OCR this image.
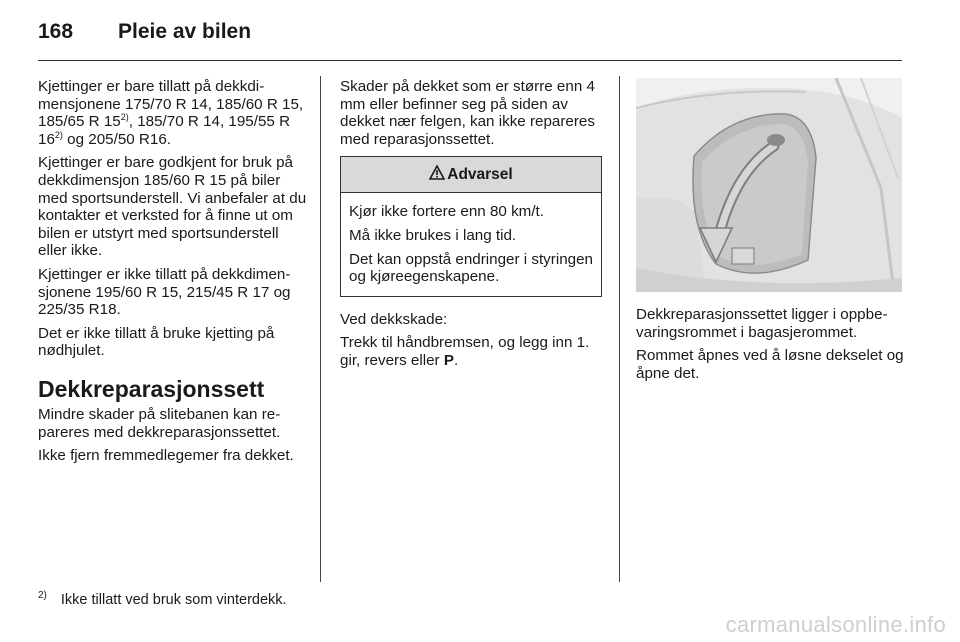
168 Pleie av bilen

Kjettinger er bare tillatt på dekkdimensjonene 175/70 R 14, 185/60 R 15, 185/65 R 15$^{2)}$, 185/70 R 14, 195/55 R 16$^{2)}$ og 205/50 R16.

Kjettinger er bare godkjent for bruk på dekkdimensjon 185/60 R 15 på biler med sportsunderstell. Vi anbefaler at du kontakter et verksted for å finne ut om bilen er utstyrt med sportsunderstell eller ikke.

Kjettinger er ikke tillatt på dekkdimensjonene 195/60 R 15, 215/45 R 17 og 225/35 R18.

Det er ikke tillatt å bruke kjetting på nødhjulet.

Dekkreparasjonssett

Mindre skader på slitebanen kan repareres med dekkreparasjonssettet.

Ikke fjern fremmedlegemer fra dekket.

Skader på dekket som er større enn 4 mm eller befinner seg på siden av dekket nær felgen, kan ikke repareres med reparasjonssettet.

Advarsel

Kjør ikke fortere enn 80 km/t.

Må ikke brukes i lang tid.

Det kan oppstå endringer i styringen og kjøreegenskapene.

Ved dekkskade:

Trekk til håndbremsen, og legg inn 1. gir, revers eller P.

Dekkreparasjonssettet ligger i oppbevaringsrommet i bagasjerommet.

Rommet åpnes ved å løsne dekselet og åpne det.

$^{2)}$ Ikke tillatt ved bruk som vinterdekk.
carmanualsonline.info
